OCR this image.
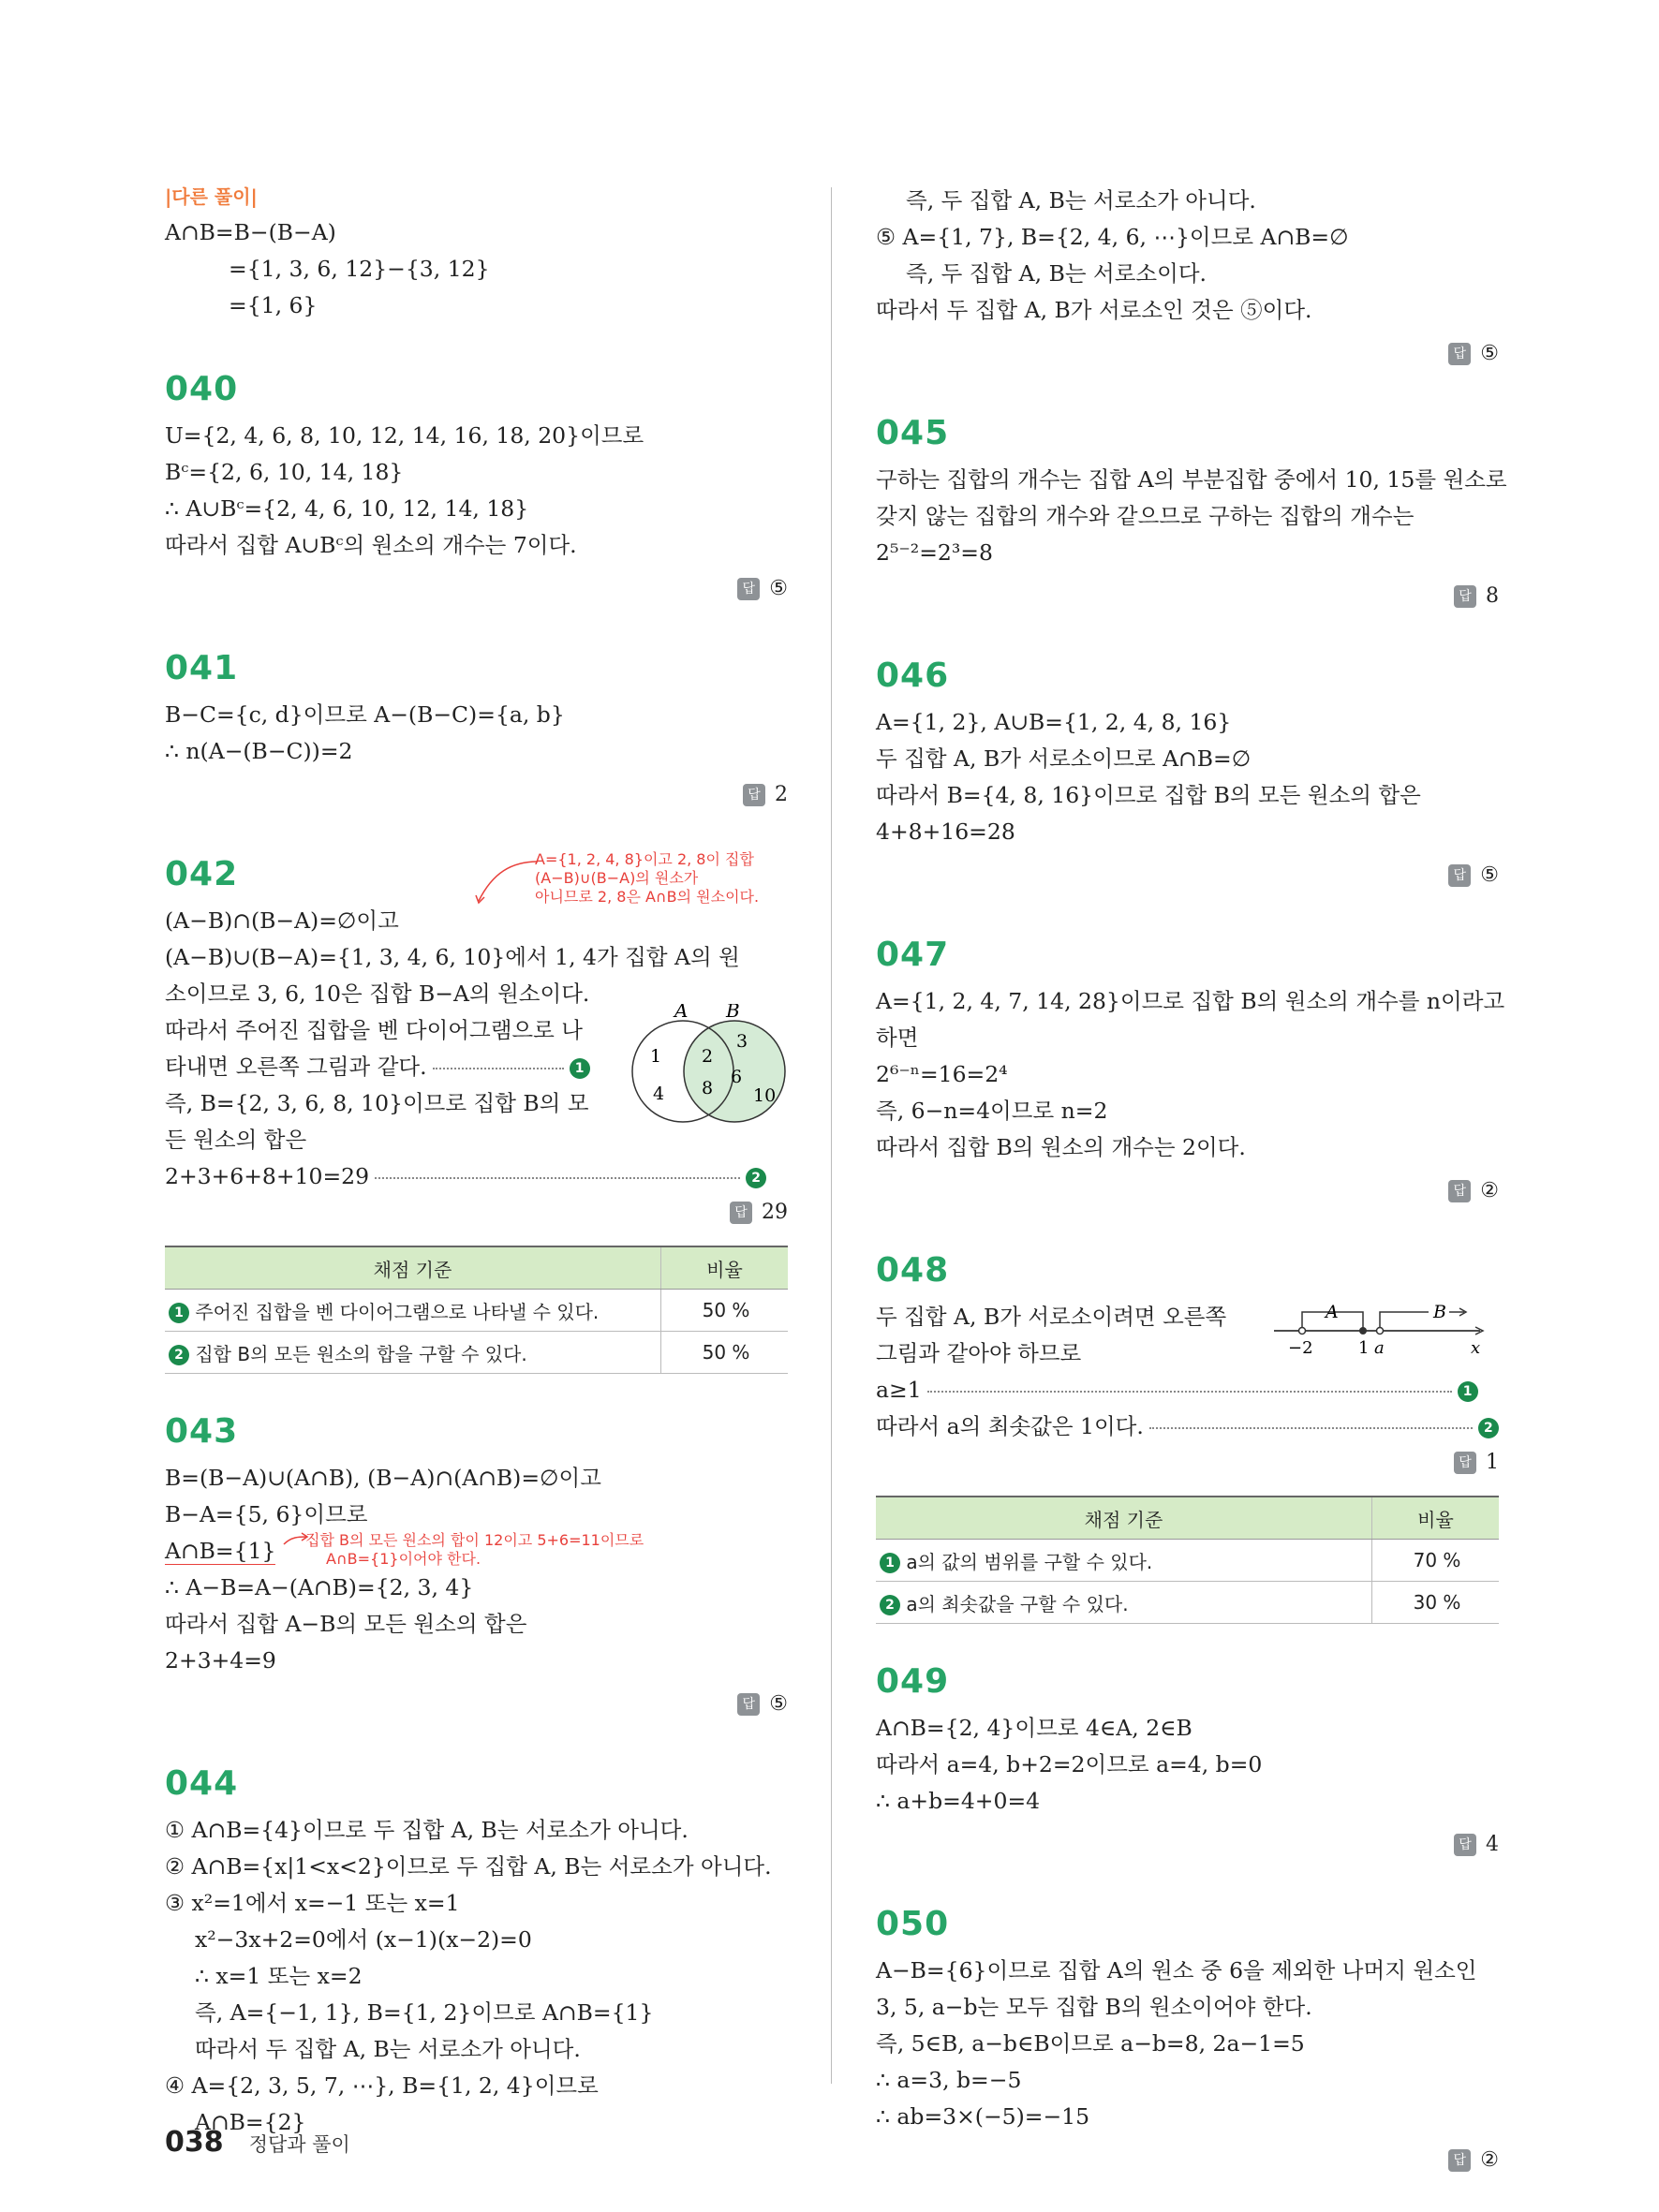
|다른 풀이|
A∩B=B−(B−A)
={1, 3, 6, 12}−{3, 12}
={1, 6}
040
U={2, 4, 6, 8, 10, 12, 14, 16, 18, 20}이므로
Bᶜ={2, 6, 10, 14, 18}
∴ A∪Bᶜ={2, 4, 6, 10, 12, 14, 18}
따라서 집합 A∪Bᶜ의 원소의 개수는 7이다.
답 ⑤
041
B−C={c, d}이므로 A−(B−C)={a, b}
∴ n(A−(B−C))=2
답 2
042	A={1, 2, 4, 8}이고 2, 8이 집합
(A−B)∪(B−A)의 원소가
아니므로 2, 8은 A∩B의 원소이다.
(A−B)∩(B−A)=∅이고
(A−B)∪(B−A)={1, 3, 4, 6, 10}에서 1, 4가 집합 A의 원
소이므로 3, 6, 10은 집합 B−A의 원소이다.
따라서 주어진 집합을 벤 다이어그램으로 나
타내면 오른쪽 그림과 같다.	1
즉, B={2, 3, 6, 8, 10}이므로 집합 B의 모
든 원소의 합은
2+3+6+8+10=29	2
A B
1
4
2
8
3
6
10
답 29
채점 기준	비율
1 주어진 집합을 벤 다이어그램으로 나타낼 수 있다.	50 %
2 집합 B의 모든 원소의 합을 구할 수 있다.	50 %
043
B=(B−A)∪(A∩B), (B−A)∩(A∩B)=∅이고
B−A={5, 6}이므로
A∩B={1}	집합 B의 모든 원소의 합이 12이고 5+6=11이므로
A∩B={1}이어야 한다.
∴ A−B=A−(A∩B)={2, 3, 4}
따라서 집합 A−B의 모든 원소의 합은
2+3+4=9
답 ⑤
044
① A∩B={4}이므로 두 집합 A, B는 서로소가 아니다.
② A∩B={x|1<x<2}이므로 두 집합 A, B는 서로소가 아니다.
③ x²=1에서 x=−1 또는 x=1
x²−3x+2=0에서 (x−1)(x−2)=0
∴ x=1 또는 x=2
즉, A={−1, 1}, B={1, 2}이므로 A∩B={1}
따라서 두 집합 A, B는 서로소가 아니다.
④ A={2, 3, 5, 7, ⋯}, B={1, 2, 4}이므로
A∩B={2}
즉, 두 집합 A, B는 서로소가 아니다.
⑤ A={1, 7}, B={2, 4, 6, ⋯}이므로 A∩B=∅
즉, 두 집합 A, B는 서로소이다.
따라서 두 집합 A, B가 서로소인 것은 ⑤이다.
답 ⑤
045
구하는 집합의 개수는 집합 A의 부분집합 중에서 10, 15를 원소로
갖지 않는 집합의 개수와 같으므로 구하는 집합의 개수는
2⁵⁻²=2³=8
답 8
046
A={1, 2}, A∪B={1, 2, 4, 8, 16}
두 집합 A, B가 서로소이므로 A∩B=∅
따라서 B={4, 8, 16}이므로 집합 B의 모든 원소의 합은
4+8+16=28
답 ⑤
047
A={1, 2, 4, 7, 14, 28}이므로 집합 B의 원소의 개수를 n이라고
하면
2⁶⁻ⁿ=16=2⁴
즉, 6−n=4이므로 n=2
따라서 집합 B의 원소의 개수는 2이다.
답 ②
048
두 집합 A, B가 서로소이려면 오른쪽
그림과 같아야 하므로
a≥1	1
따라서 a의 최솟값은 1이다.	2
A	B
−2	1 a	x
답 1
채점 기준	비율
1 a의 값의 범위를 구할 수 있다.	70 %
2 a의 최솟값을 구할 수 있다.	30 %
049
A∩B={2, 4}이므로 4∈A, 2∈B
따라서 a=4, b+2=2이므로 a=4, b=0
∴ a+b=4+0=4
답 4
050
A−B={6}이므로 집합 A의 원소 중 6을 제외한 나머지 원소인
3, 5, a−b는 모두 집합 B의 원소이어야 한다.
즉, 5∈B, a−b∈B이므로 a−b=8, 2a−1=5
∴ a=3, b=−5
∴ ab=3×(−5)=−15
답 ②
038 정답과 풀이
